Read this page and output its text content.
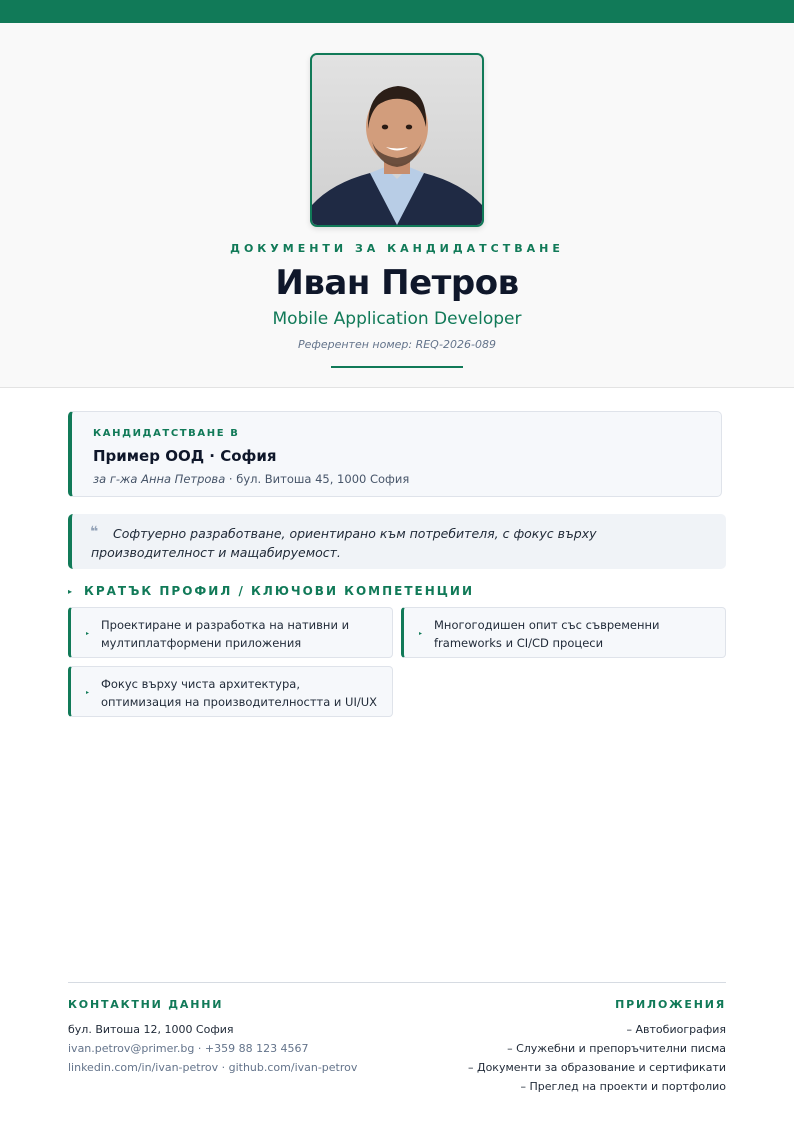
ДОКУМЕНТИ ЗА КАНДИДАТСТВАНЕ
Иван Петров
Mobile Application Developer
Референтен номер: REQ-2026-089
КАНДИДАТСТВАНЕ В
Пример ООД · София
за г-жа Анна Петрова · бул. Витоша 45, 1000 София
❝	Софтуерно разработване, ориентирано към потребителя, с фокус върху производителност и мащабируемост.
▸ КРАТЪК ПРОФИЛ / КЛЮЧОВИ КОМПЕТЕНЦИИ
▸
Проектиране и разработка на нативни и мултиплатформени приложения
▸
Многогодишен опит със съвременни frameworks и CI/CD процеси
▸
Фокус върху чиста архитектура, оптимизация на производителността и UI/UX
КОНТАКТНИ ДАННИ	ПРИЛОЖЕНИЯ
бул. Витоша 12, 1000 София
ivan.petrov@primer.bg · +359 88 123 4567
linkedin.com/in/ivan-petrov · github.com/ivan-petrov
– Автобиография
– Служебни и препоръчителни писма
– Документи за образование и сертификати
– Преглед на проекти и портфолио
